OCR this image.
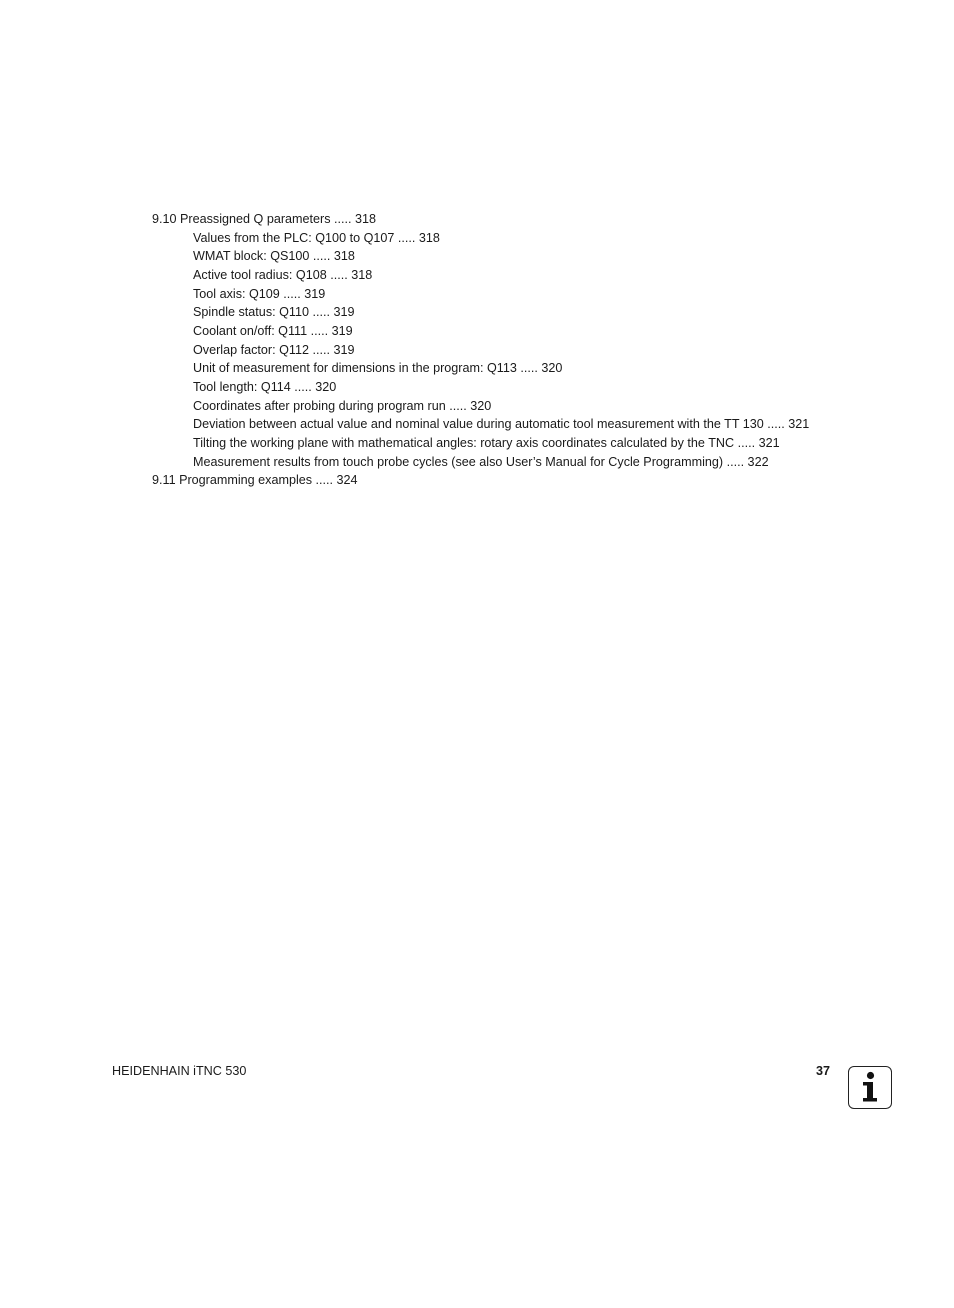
9.10 Preassigned Q parameters ..... 318
Values from the PLC: Q100 to Q107 ..... 318
WMAT block: QS100 ..... 318
Active tool radius: Q108 ..... 318
Tool axis: Q109 ..... 319
Spindle status: Q110 ..... 319
Coolant on/off: Q111 ..... 319
Overlap factor: Q112 ..... 319
Unit of measurement for dimensions in the program: Q113 ..... 320
Tool length: Q114 ..... 320
Coordinates after probing during program run ..... 320
Deviation between actual value and nominal value during automatic tool measurement with the TT 130 ..... 321
Tilting the working plane with mathematical angles: rotary axis coordinates calculated by the TNC ..... 321
Measurement results from touch probe cycles (see also User’s Manual for Cycle Programming) ..... 322
9.11 Programming examples ..... 324
HEIDENHAIN iTNC 530	37
